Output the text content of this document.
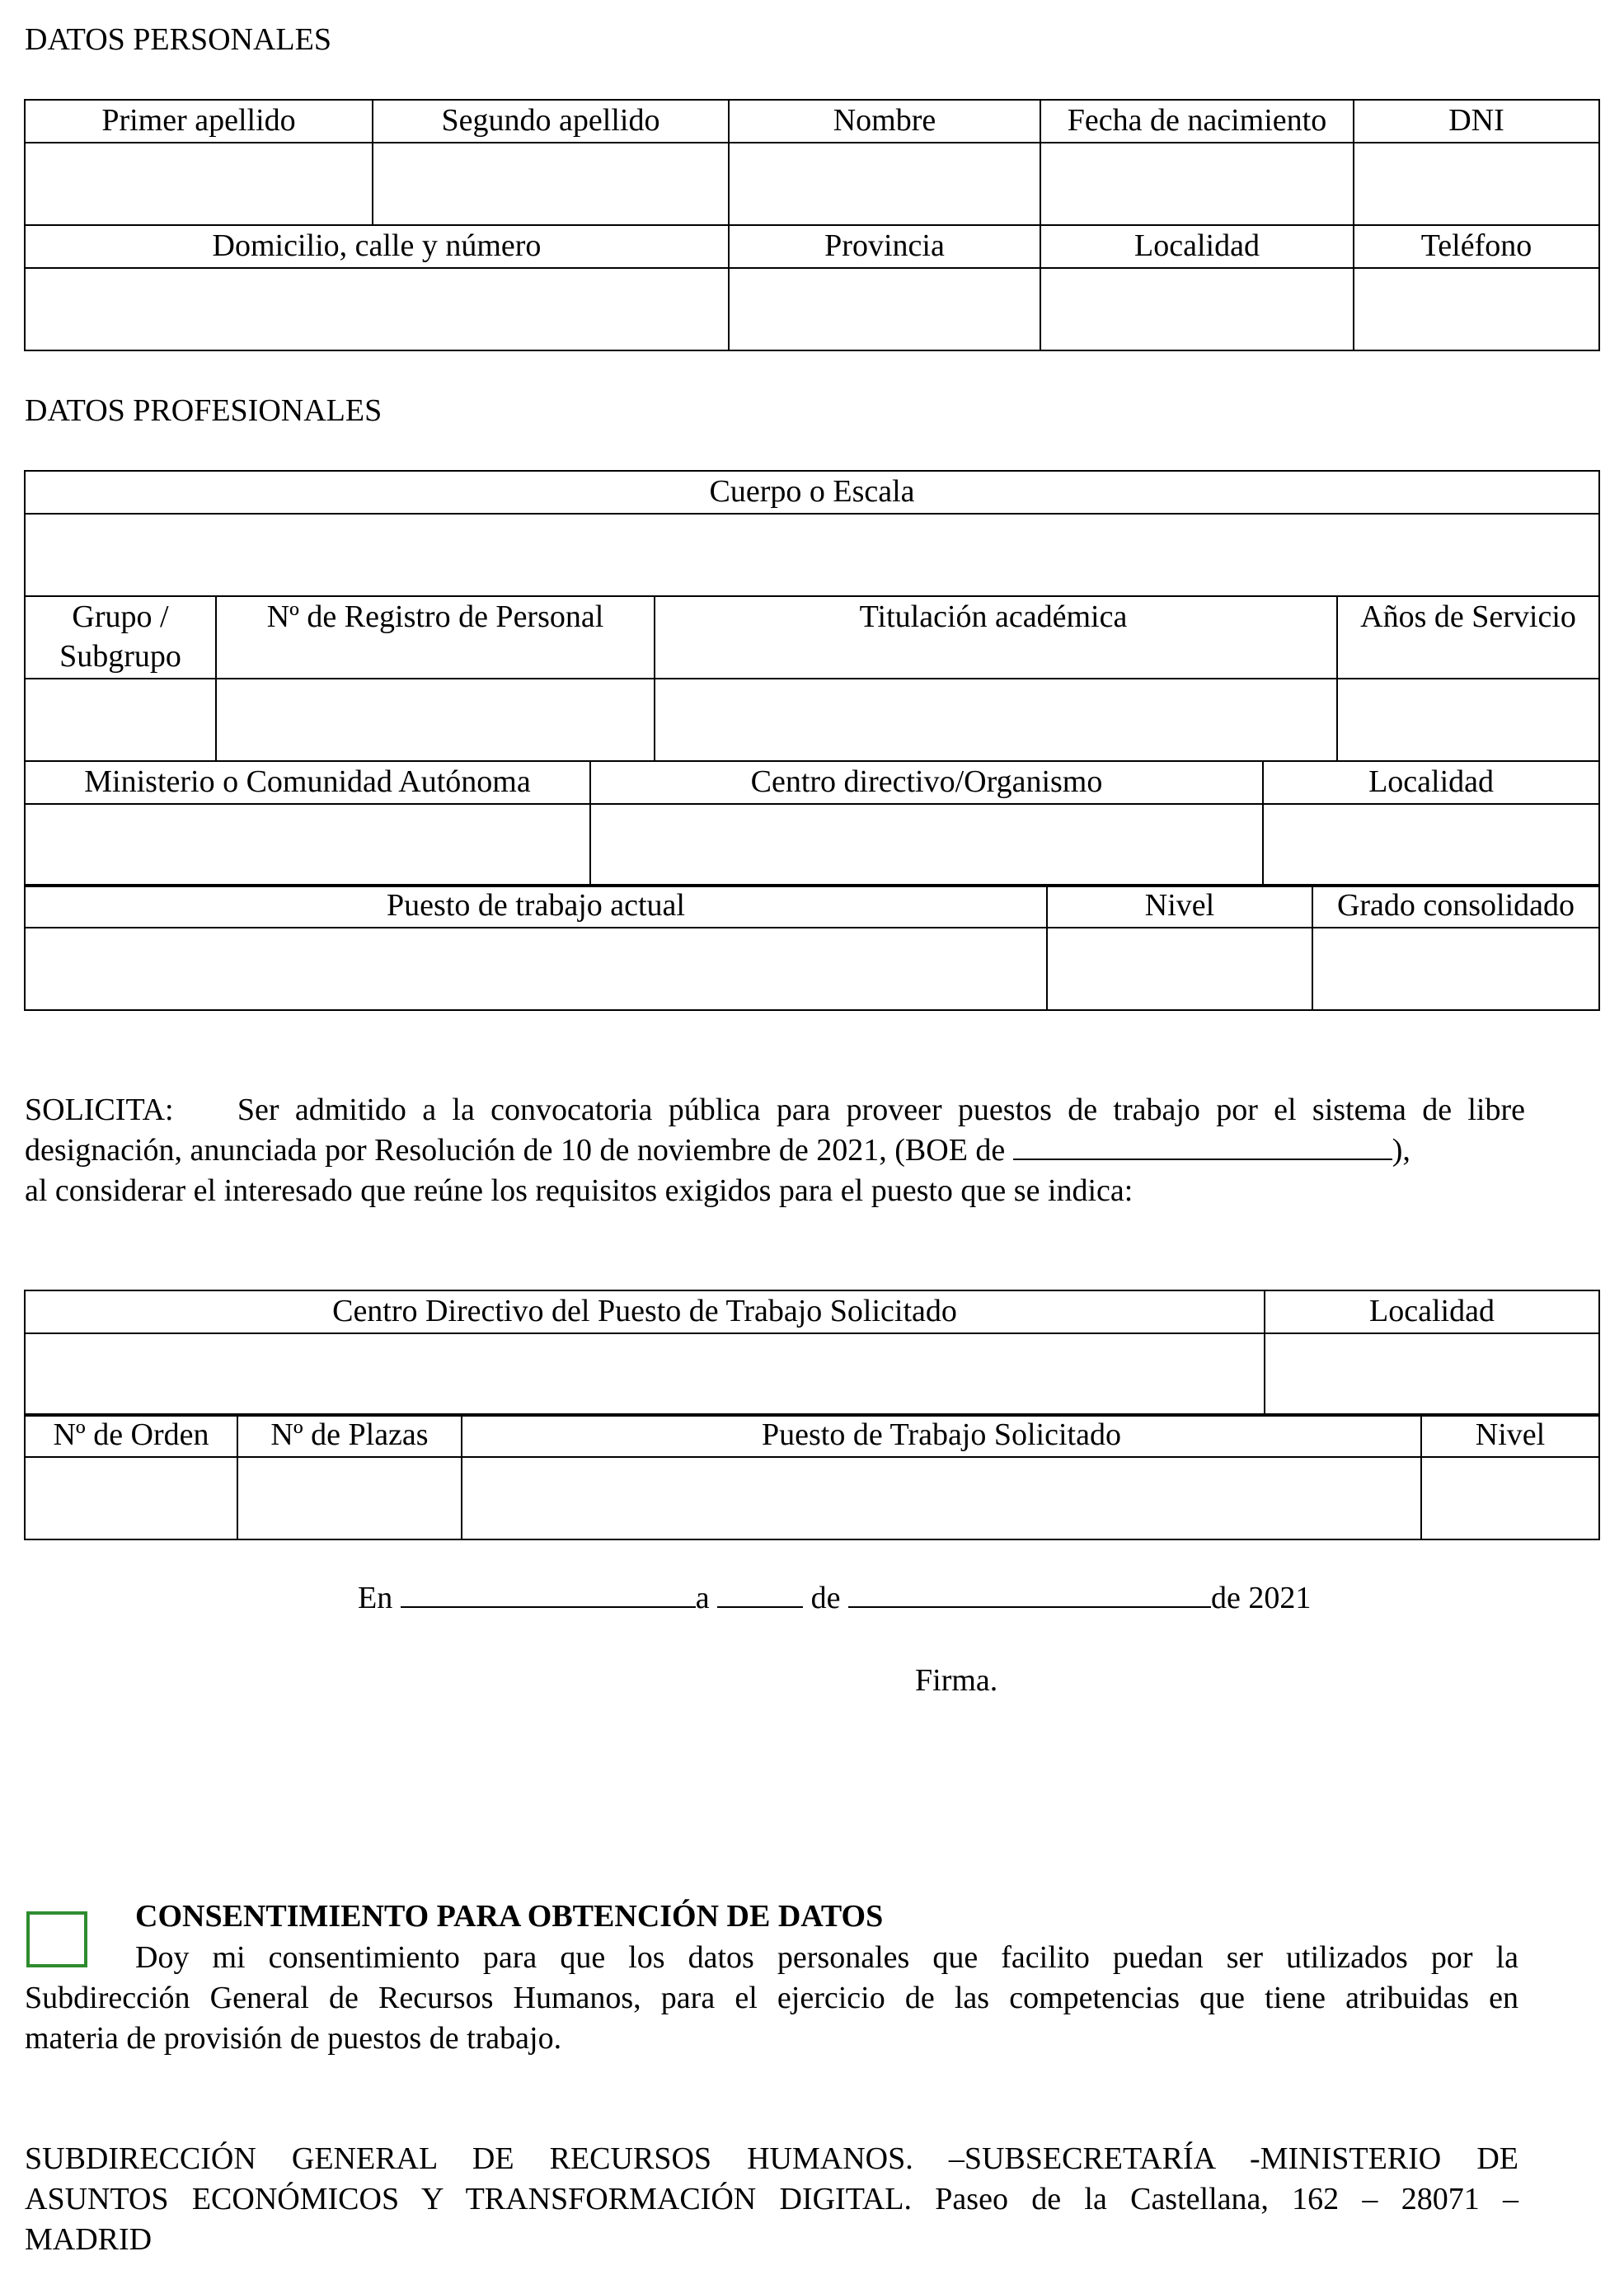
DATOS PERSONALES
Primer apellido	Segundo apellido	Nombre	Fecha de nacimiento	DNI

Domicilio, calle y número		Provincia	Localidad	Teléfono

DATOS PROFESIONALES
Cuerpo o Escala					

Grupo / Subgrupo	Nº de Registro de Personal		Titulación académica		Años de Servicio

Ministerio o Comunidad Autónoma		Centro directivo/Organismo		Localidad	

Puesto de trabajo actual	Nivel	Grado consolidado

SOLICITA: Ser admitido a la convocatoria pública para proveer puestos de trabajo por el sistema de libre
designación, anunciada por Resolución de 10 de noviembre de 2021, (BOE de	),
al considerar el interesado que reúne los requisitos exigidos para el puesto que se indica:
Centro Directivo del Puesto de Trabajo Solicitado	Localidad

Nº de Orden	Nº de Plazas	Puesto de Trabajo Solicitado	Nivel

En	a	de	de 2021
Firma.
CONSENTIMIENTO PARA OBTENCIÓN DE DATOS
Doy mi consentimiento para que los datos personales que facilito puedan ser utilizados por la
Subdirección General de Recursos Humanos, para el ejercicio de las competencias que tiene atribuidas en
materia de provisión de puestos de trabajo.
SUBDIRECCIÓN GENERAL DE RECURSOS HUMANOS. –SUBSECRETARÍA -MINISTERIO DE
ASUNTOS ECONÓMICOS Y TRANSFORMACIÓN DIGITAL. Paseo de la Castellana, 162 – 28071 –
MADRID
